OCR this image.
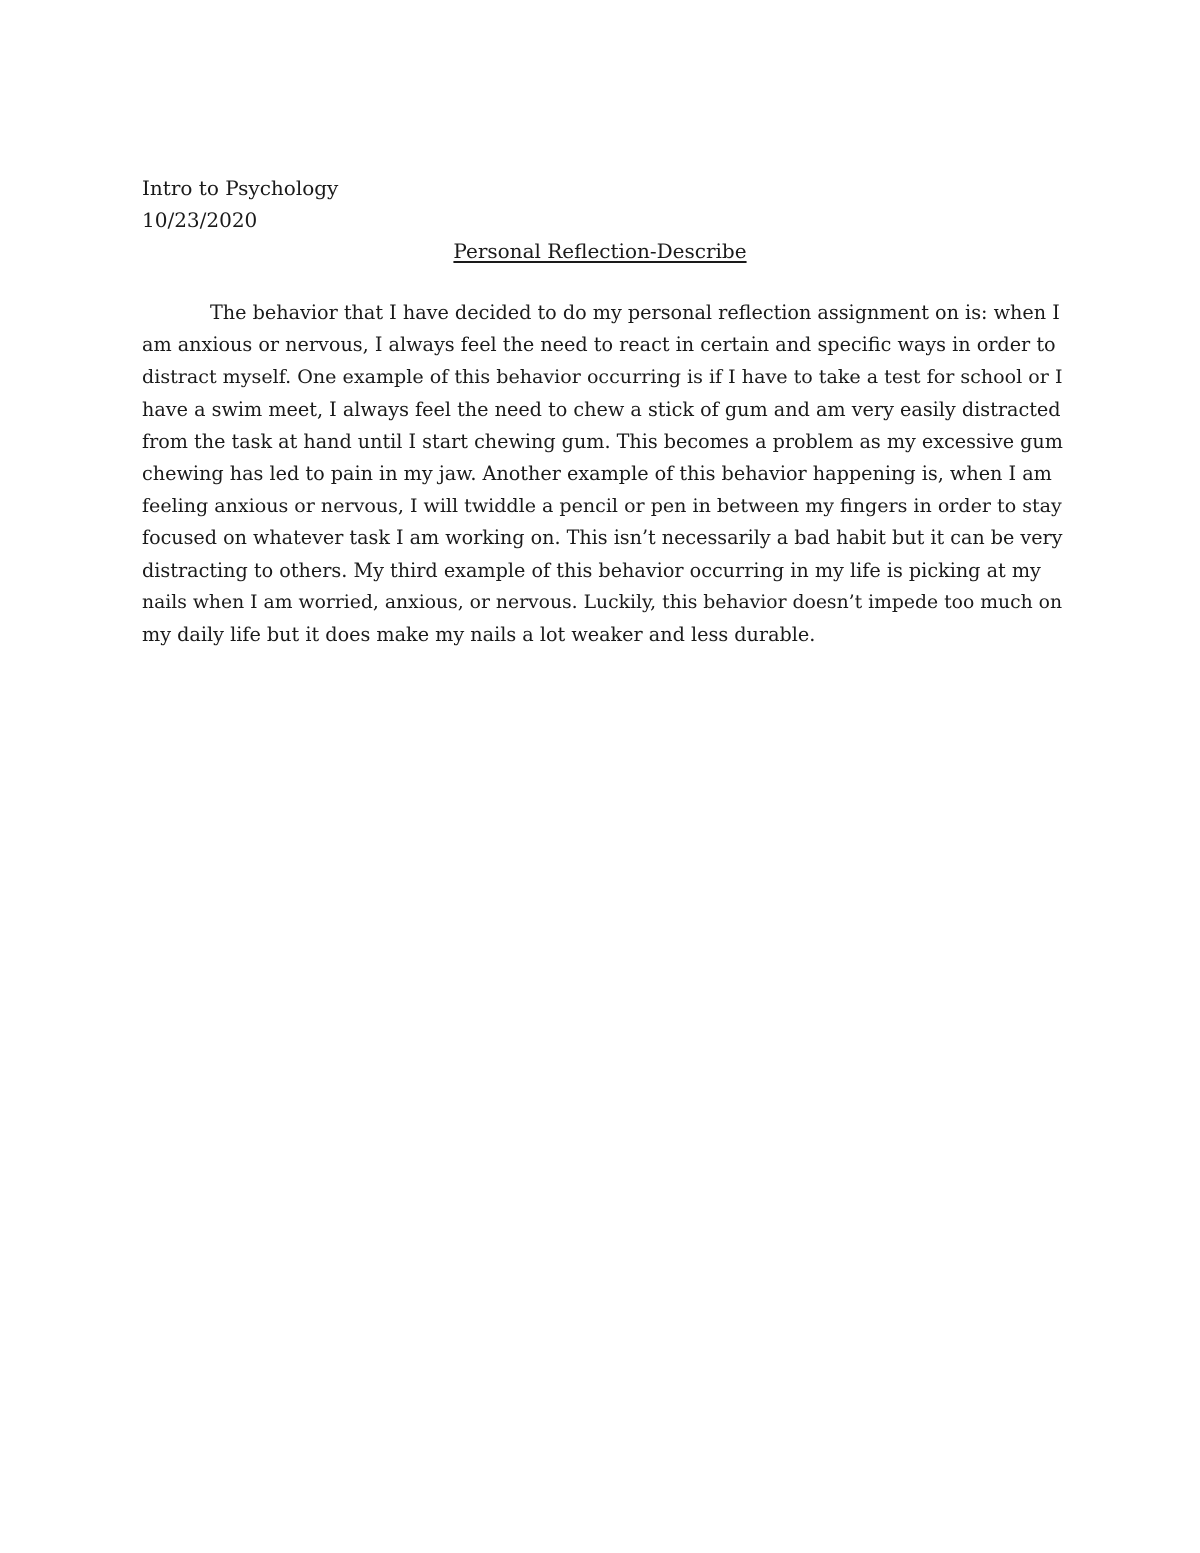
Intro to Psychology
10/23/2020
Personal Reflection-Describe
The behavior that I have decided to do my personal reflection assignment on is: when I
am anxious or nervous, I always feel the need to react in certain and specific ways in order to
distract myself. One example of this behavior occurring is if I have to take a test for school or I
have a swim meet, I always feel the need to chew a stick of gum and am very easily distracted
from the task at hand until I start chewing gum. This becomes a problem as my excessive gum
chewing has led to pain in my jaw. Another example of this behavior happening is, when I am
feeling anxious or nervous, I will twiddle a pencil or pen in between my fingers in order to stay
focused on whatever task I am working on. This isn’t necessarily a bad habit but it can be very
distracting to others. My third example of this behavior occurring in my life is picking at my
nails when I am worried, anxious, or nervous. Luckily, this behavior doesn’t impede too much on
my daily life but it does make my nails a lot weaker and less durable.
